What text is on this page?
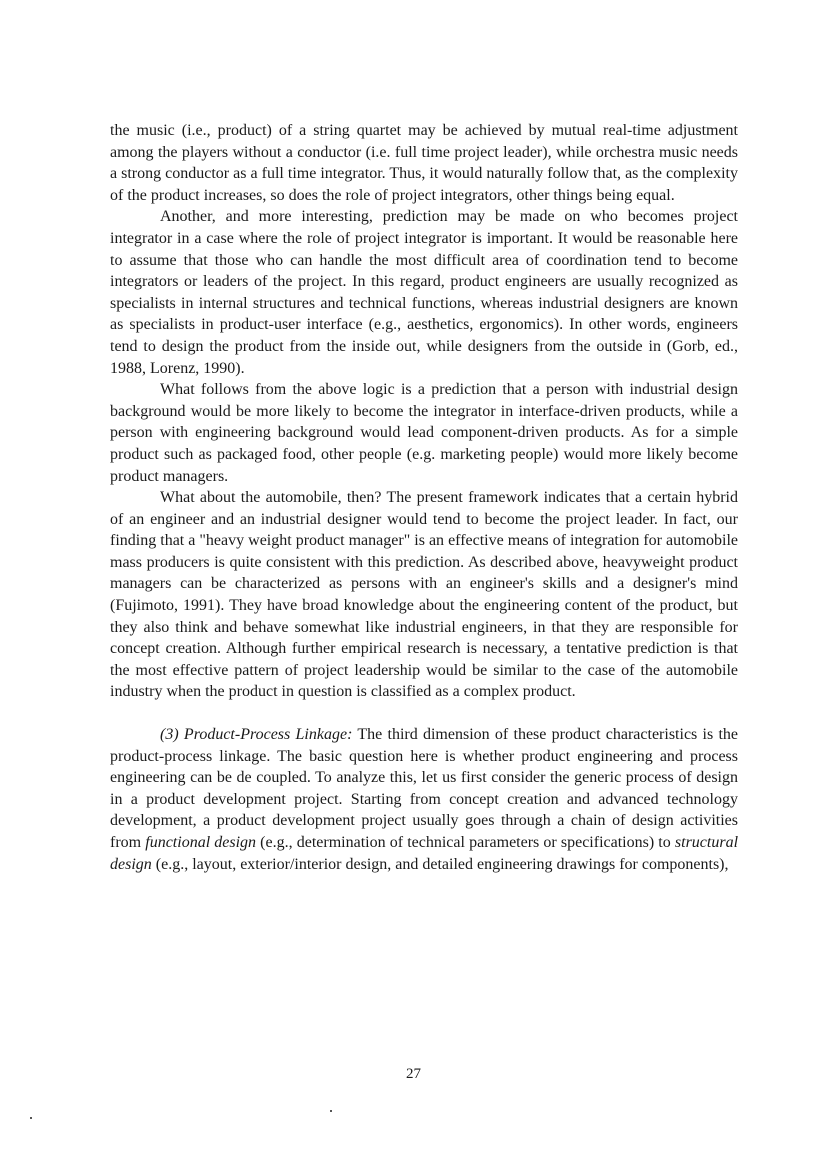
the music (i.e., product) of a string quartet may be achieved by mutual real-time adjustment among the players without a conductor (i.e. full time project leader), while orchestra music needs a strong conductor as a full time integrator. Thus, it would naturally follow that, as the complexity of the product increases, so does the role of project integrators, other things being equal.

Another, and more interesting, prediction may be made on who becomes project integrator in a case where the role of project integrator is important. It would be reasonable here to assume that those who can handle the most difficult area of coordination tend to become integrators or leaders of the project. In this regard, product engineers are usually recognized as specialists in internal structures and technical functions, whereas industrial designers are known as specialists in product-user interface (e.g., aesthetics, ergonomics). In other words, engineers tend to design the product from the inside out, while designers from the outside in (Gorb, ed., 1988, Lorenz, 1990).

What follows from the above logic is a prediction that a person with industrial design background would be more likely to become the integrator in interface-driven products, while a person with engineering background would lead component-driven products. As for a simple product such as packaged food, other people (e.g. marketing people) would more likely become product managers.

What about the automobile, then? The present framework indicates that a certain hybrid of an engineer and an industrial designer would tend to become the project leader. In fact, our finding that a "heavy weight product manager" is an effective means of integration for automobile mass producers is quite consistent with this prediction. As described above, heavyweight product managers can be characterized as persons with an engineer's skills and a designer's mind (Fujimoto, 1991). They have broad knowledge about the engineering content of the product, but they also think and behave somewhat like industrial engineers, in that they are responsible for concept creation. Although further empirical research is necessary, a tentative prediction is that the most effective pattern of project leadership would be similar to the case of the automobile industry when the product in question is classified as a complex product.

(3) Product-Process Linkage: The third dimension of these product characteristics is the product-process linkage. The basic question here is whether product engineering and process engineering can be de coupled. To analyze this, let us first consider the generic process of design in a product development project. Starting from concept creation and advanced technology development, a product development project usually goes through a chain of design activities from functional design (e.g., determination of technical parameters or specifications) to structural design (e.g., layout, exterior/interior design, and detailed engineering drawings for components),

27
